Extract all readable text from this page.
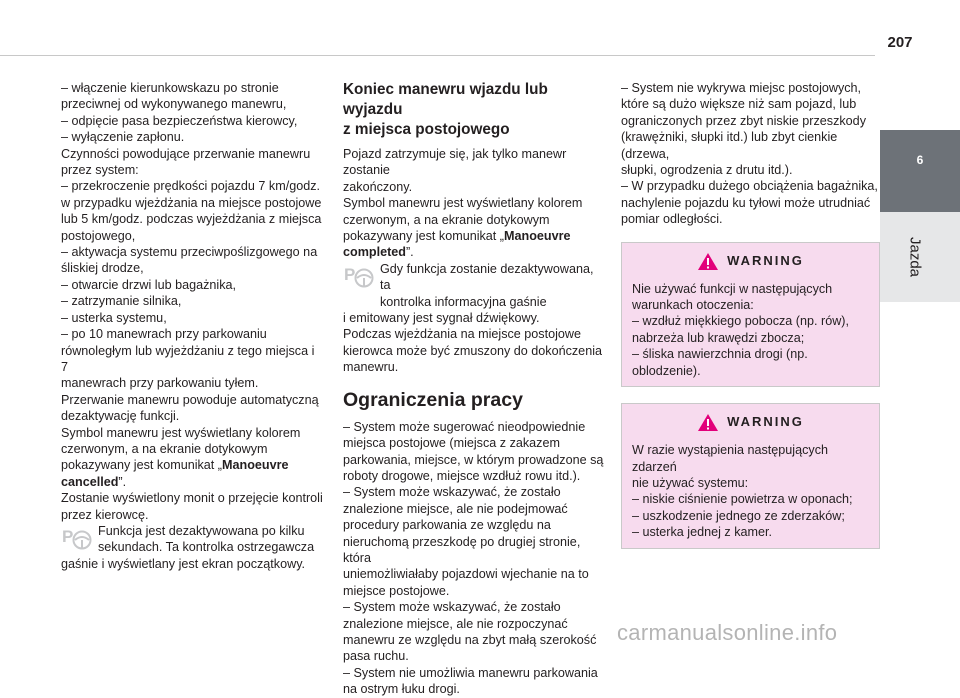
207
6
Jazda

– włączenie kierunkowskazu po stronie
przeciwnej od wykonywanego manewru,
– odpięcie pasa bezpieczeństwa kierowcy,
– wyłączenie zapłonu.
Czynności powodujące przerwanie manewru
przez system:
– przekroczenie prędkości pojazdu 7 km/godz.
w przypadku wjeżdżania na miejsce postojowe
lub 5 km/godz. podczas wyjeżdżania z miejsca
postojowego,
– aktywacja systemu przeciwpoślizgowego na
śliskiej drodze,
– otwarcie drzwi lub bagażnika,
– zatrzymanie silnika,
– usterka systemu,
– po 10 manewrach przy parkowaniu
równoległym lub wyjeżdżaniu z tego miejsca i 7
manewrach przy parkowaniu tyłem.
Przerwanie manewru powoduje automatyczną
dezaktywację funkcji.
Symbol manewru jest wyświetlany kolorem
czerwonym, a na ekranie dotykowym
pokazywany jest komunikat „Manoeuvre
cancelled”.
Zostanie wyświetlony monit o przejęcie kontroli
przez kierowcę.

P Funkcja jest dezaktywowana po kilku
sekundach. Ta kontrolka ostrzegawcza

gaśnie i wyświetlany jest ekran początkowy.

Koniec manewru wjazdu lub wyjazdu
z miejsca postojowego

Pojazd zatrzymuje się, jak tylko manewr zostanie
zakończony.
Symbol manewru jest wyświetlany kolorem
czerwonym, a na ekranie dotykowym
pokazywany jest komunikat „Manoeuvre
completed”.

P Gdy funkcja zostanie dezaktywowana, ta
kontrolka informacyjna gaśnie

i emitowany jest sygnał dźwiękowy.
Podczas wjeżdżania na miejsce postojowe
kierowca może być zmuszony do dokończenia
manewru.

Ograniczenia pracy

– System może sugerować nieodpowiednie
miejsca postojowe (miejsca z zakazem
parkowania, miejsce, w którym prowadzone są
roboty drogowe, miejsce wzdłuż rowu itd.).
– System może wskazywać, że zostało
znalezione miejsce, ale nie podejmować
procedury parkowania ze względu na
nieruchomą przeszkodę po drugiej stronie, która
uniemożliwiałaby pojazdowi wjechanie na to
miejsce postojowe.
– System może wskazywać, że zostało
znalezione miejsce, ale nie rozpoczynać
manewru ze względu na zbyt małą szerokość
pasa ruchu.
– System nie umożliwia manewru parkowania
na ostrym łuku drogi.

– System nie wykrywa miejsc postojowych,
które są dużo większe niż sam pojazd, lub
ograniczonych przez zbyt niskie przeszkody
(krawężniki, słupki itd.) lub zbyt cienkie (drzewa,
słupki, ogrodzenia z drutu itd.).
– W przypadku dużego obciążenia bagażnika,
nachylenie pojazdu ku tyłowi może utrudniać
pomiar odległości.

WARNING

Nie używać funkcji w następujących
warunkach otoczenia:
– wzdłuż miękkiego pobocza (np. rów),
nabrzeża lub krawędzi zbocza;
– śliska nawierzchnia drogi (np. oblodzenie).

WARNING

W razie wystąpienia następujących zdarzeń
nie używać systemu:
– niskie ciśnienie powietrza w oponach;
– uszkodzenie jednego ze zderzaków;
– usterka jednej z kamer.

carmanualsonline.info
